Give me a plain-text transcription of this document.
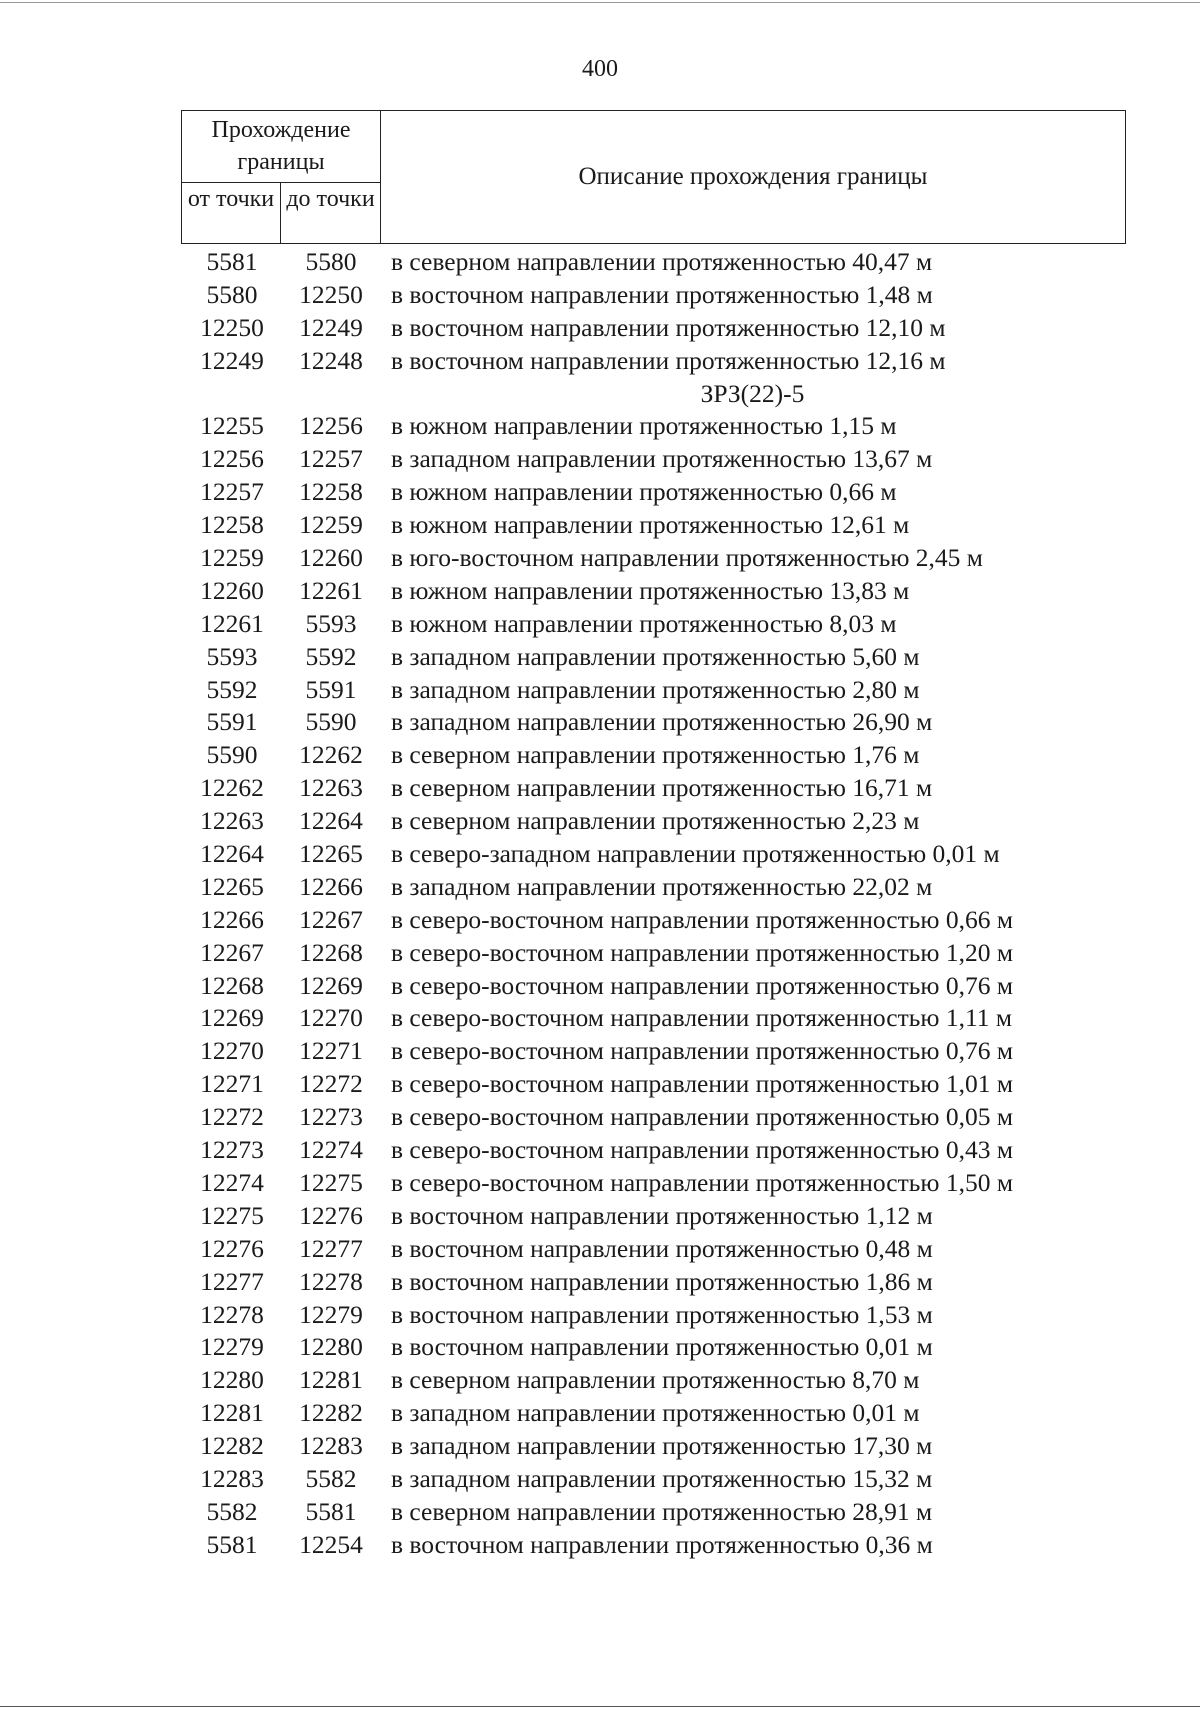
400
Прохождение границы
от точки до точки
Описание прохождения границы
5581	5580	в северном направлении протяженностью 40,47 м
5580	12250	в восточном направлении протяженностью 1,48 м
12250	12249	в восточном направлении протяженностью 12,10 м
12249	12248	в восточном направлении протяженностью 12,16 м
ЗРЗ(22)-5
12255	12256	в южном направлении протяженностью 1,15 м
12256	12257	в западном направлении протяженностью 13,67 м
12257	12258	в южном направлении протяженностью 0,66 м
12258	12259	в южном направлении протяженностью 12,61 м
12259	12260	в юго-восточном направлении протяженностью 2,45 м
12260	12261	в южном направлении протяженностью 13,83 м
12261	5593	в южном направлении протяженностью 8,03 м
5593	5592	в западном направлении протяженностью 5,60 м
5592	5591	в западном направлении протяженностью 2,80 м
5591	5590	в западном направлении протяженностью 26,90 м
5590	12262	в северном направлении протяженностью 1,76 м
12262	12263	в северном направлении протяженностью 16,71 м
12263	12264	в северном направлении протяженностью 2,23 м
12264	12265	в северо-западном направлении протяженностью 0,01 м
12265	12266	в западном направлении протяженностью 22,02 м
12266	12267	в северо-восточном направлении протяженностью 0,66 м
12267	12268	в северо-восточном направлении протяженностью 1,20 м
12268	12269	в северо-восточном направлении протяженностью 0,76 м
12269	12270	в северо-восточном направлении протяженностью 1,11 м
12270	12271	в северо-восточном направлении протяженностью 0,76 м
12271	12272	в северо-восточном направлении протяженностью 1,01 м
12272	12273	в северо-восточном направлении протяженностью 0,05 м
12273	12274	в северо-восточном направлении протяженностью 0,43 м
12274	12275	в северо-восточном направлении протяженностью 1,50 м
12275	12276	в восточном направлении протяженностью 1,12 м
12276	12277	в восточном направлении протяженностью 0,48 м
12277	12278	в восточном направлении протяженностью 1,86 м
12278	12279	в восточном направлении протяженностью 1,53 м
12279	12280	в восточном направлении протяженностью 0,01 м
12280	12281	в северном направлении протяженностью 8,70 м
12281	12282	в западном направлении протяженностью 0,01 м
12282	12283	в западном направлении протяженностью 17,30 м
12283	5582	в западном направлении протяженностью 15,32 м
5582	5581	в северном направлении протяженностью 28,91 м
5581	12254	в восточном направлении протяженностью 0,36 м
